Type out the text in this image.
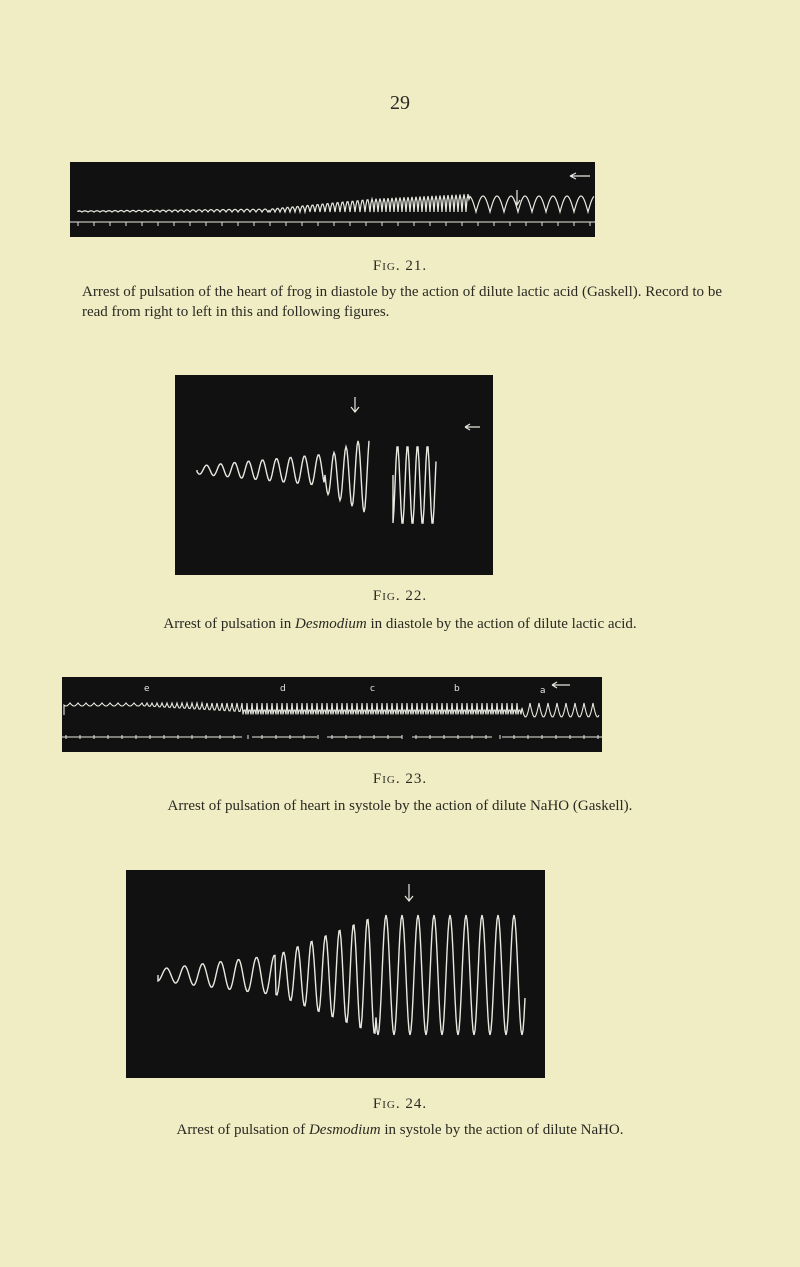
29
Fig. 21.
Arrest of pulsation of the heart of frog in diastole by the action of dilute lactic acid (Gaskell). Record to be read from right to left in this and following figures.
Fig. 22.
Arrest of pulsation in Desmodium in diastole by the action of dilute lactic acid.
e	d	c	b	a
Fig. 23.
Arrest of pulsation of heart in systole by the action of dilute NaHO (Gaskell).
Fig. 24.
Arrest of pulsation of Desmodium in systole by the action of dilute NaHO.
